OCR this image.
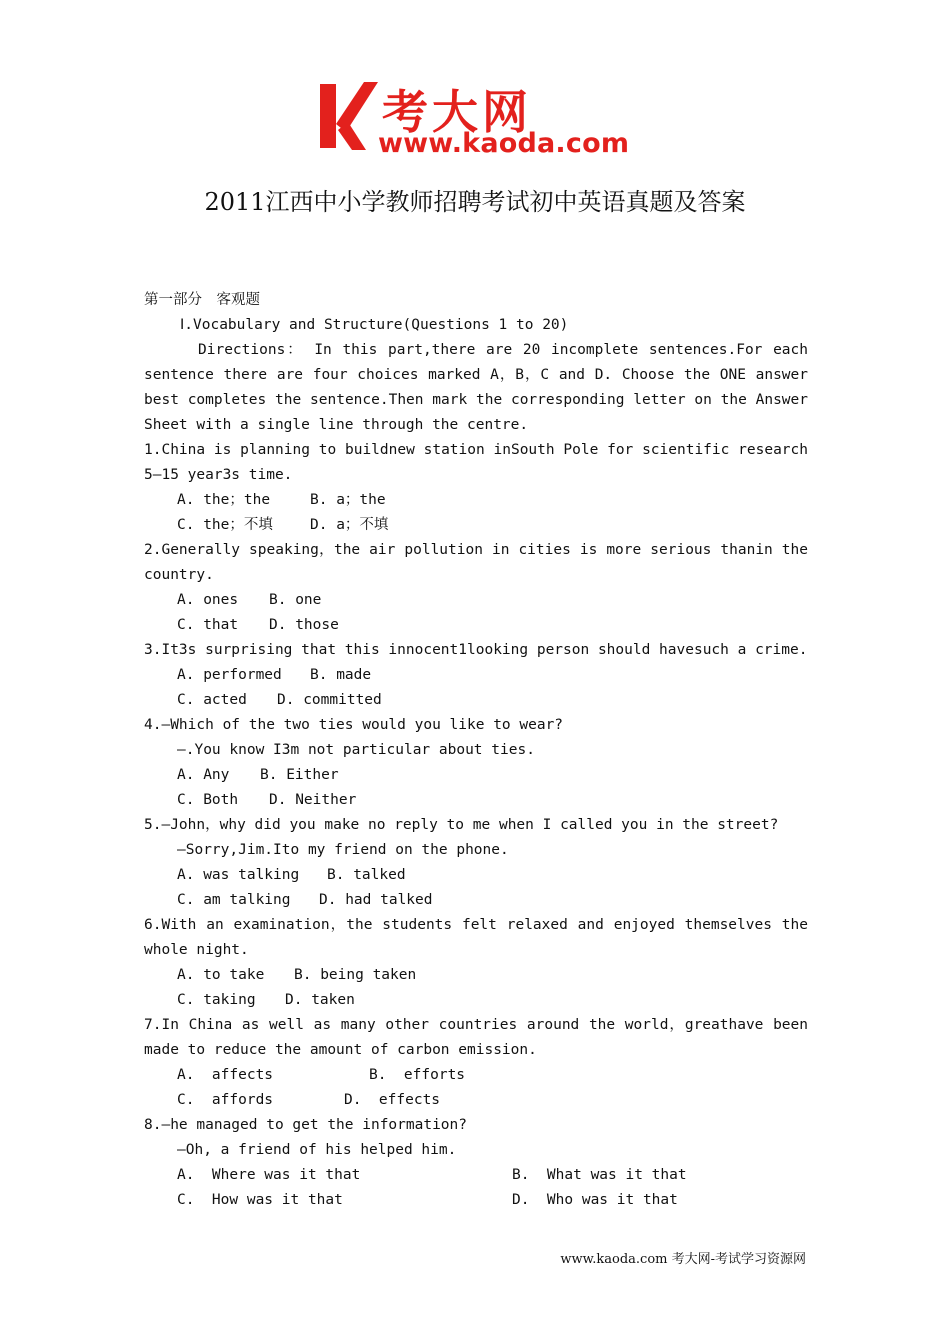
考大网
www.kaoda.com
2011江西中小学教师招聘考试初中英语真题及答案
第一部分　客观题
Ⅰ.Vocabulary and Structure(Questions 1 to 20)
Directions： In this part,there are 20 incomplete sentences.For each
sentence there are four choices marked A，B，C and D. Choose the ONE answer
best completes the sentence.Then mark the corresponding letter on the Answer
Sheet with a single line through the centre.
1.China is planning to buildnew station inSouth Pole for scientific research
5—15 year3s time.
A. the；the	B. a；the
C. the；不填	D. a；不填
2.Generally speaking，the air pollution in cities is more serious thanin the
country.
A. ones	B. one
C. that	D. those
3.It3s surprising that this innocent1looking person should havesuch a crime.
A. performed	B. made
C. acted	D. committed
4.—Which of the two ties would you like to wear?
—.You know I3m not particular about ties.
A. Any	B. Either
C. Both	D. Neither
5.—John，why did you make no reply to me when I called you in the street?
—Sorry,Jim.Ito my friend on the phone.
A. was talking	B. talked
C. am talking	D. had talked
6.With an examination，the students felt relaxed and enjoyed themselves the
whole night.
A. to take	B. being taken
C. taking	D. taken
7.In China as well as many other countries around the world，greathave been
made to reduce the amount of carbon emission.
A.  affects	B.  efforts
C.  affords	D.  effects
8.—he managed to get the information?
—Oh, a friend of his helped him.
A.  Where was it that	B.  What was it that
C.  How was it that	D.  Who was it that
www.kaoda.com 考大网-考试学习资源网
